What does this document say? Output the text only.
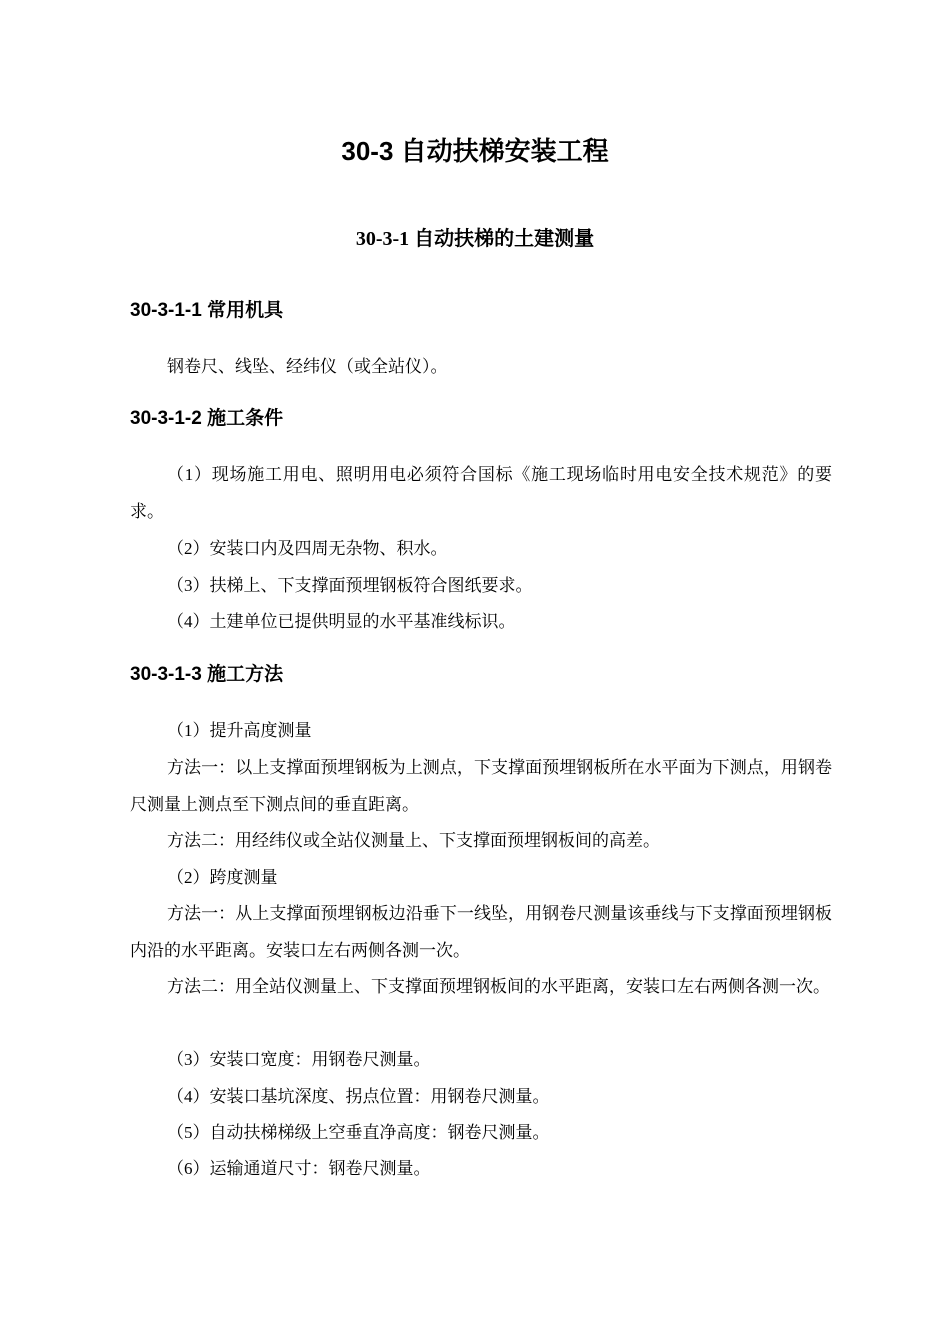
30-3 自动扶梯安装工程
30-3-1 自动扶梯的土建测量
30-3-1-1 常用机具

钢卷尺、线坠、经纬仪（或全站仪）。

30-3-1-2 施工条件

（1）现场施工用电、照明用电必须符合国标《施工现场临时用电安全技术规范》的要求。

（2）安装口内及四周无杂物、积水。

（3）扶梯上、下支撑面预埋钢板符合图纸要求。

（4）土建单位已提供明显的水平基准线标识。

30-3-1-3 施工方法

（1）提升高度测量

方法一：以上支撑面预埋钢板为上测点，下支撑面预埋钢板所在水平面为下测点，用钢卷尺测量上测点至下测点间的垂直距离。

方法二：用经纬仪或全站仪测量上、下支撑面预埋钢板间的高差。

（2）跨度测量

方法一：从上支撑面预埋钢板边沿垂下一线坠，用钢卷尺测量该垂线与下支撑面预埋钢板内沿的水平距离。安装口左右两侧各测一次。

方法二：用全站仪测量上、下支撑面预埋钢板间的水平距离，安装口左右两侧各测一次。

（3）安装口宽度：用钢卷尺测量。

（4）安装口基坑深度、拐点位置：用钢卷尺测量。

（5）自动扶梯梯级上空垂直净高度：钢卷尺测量。

（6）运输通道尺寸：钢卷尺测量。
